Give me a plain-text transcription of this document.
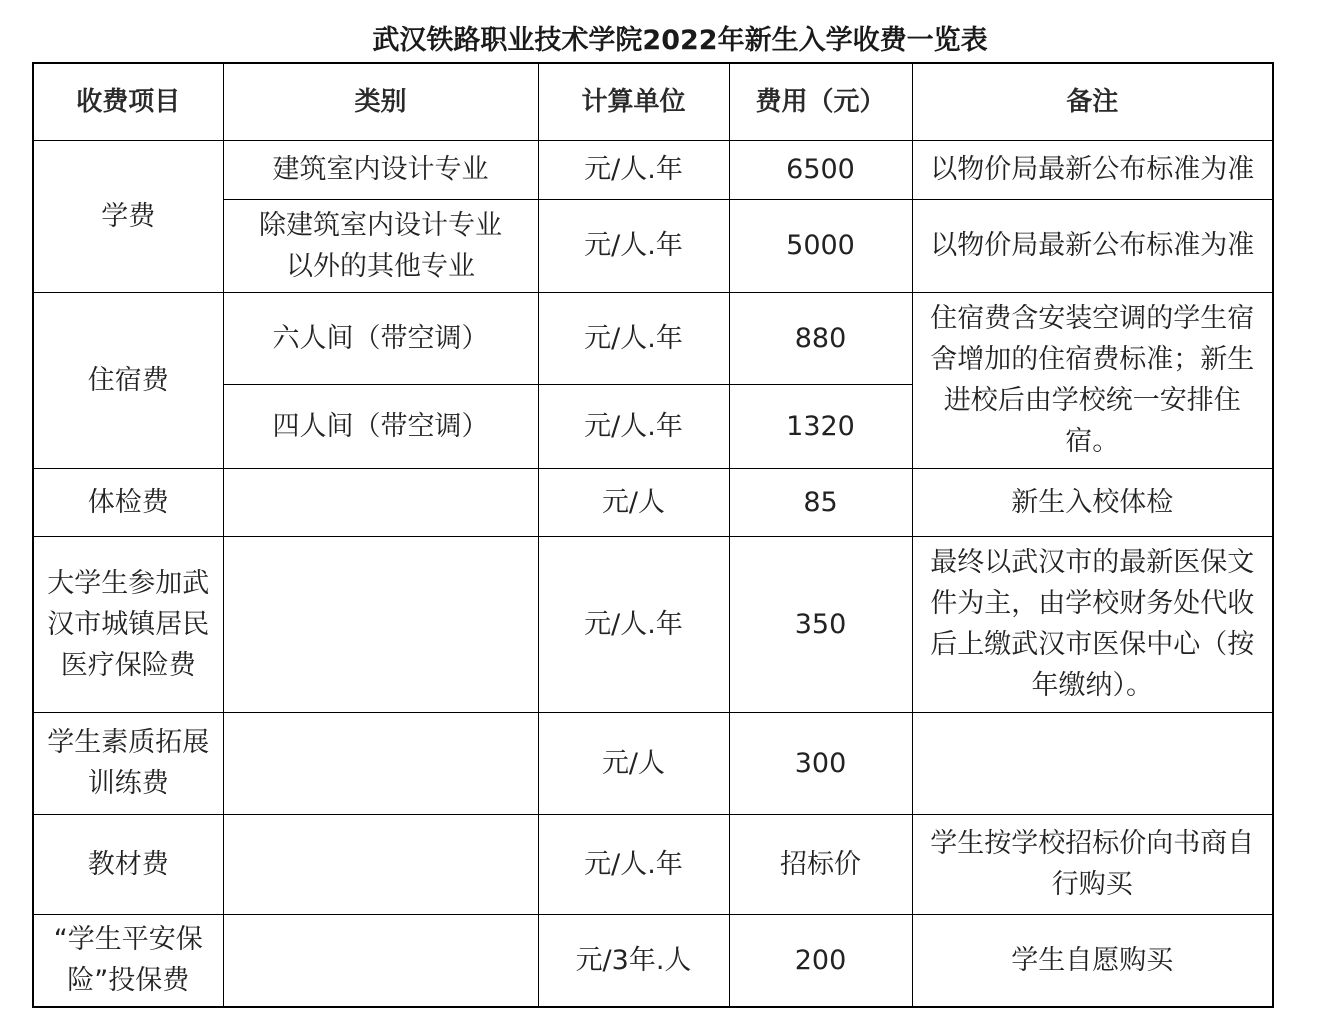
武汉铁路职业技术学院2022年新生入学收费一览表
收费项目	类别	计算单位	费用（元）	备注

学费	建筑室内设计专业	元/人.年	6500	以物价局最新公布标准为准

	除建筑室内设计专业
以外的其他专业	元/人.年	5000	以物价局最新公布标准为准

住宿费	六人间（带空调）	元/人.年	880	住宿费含安装空调的学生宿
舍增加的住宿费标准；新生
进校后由学校统一安排住
宿。

	四人间（带空调）	元/人.年	1320	

体检费		元/人	85	新生入校体检

大学生参加武
汉市城镇居民
医疗保险费		元/人.年	350	最终以武汉市的最新医保文
件为主，由学校财务处代收
后上缴武汉市医保中心（按
年缴纳）。

学生素质拓展
训练费		元/人	300	

教材费		元/人.年	招标价	学生按学校招标价向书商自
行购买

“学生平安保
险”投保费		元/3年.人	200	学生自愿购买
